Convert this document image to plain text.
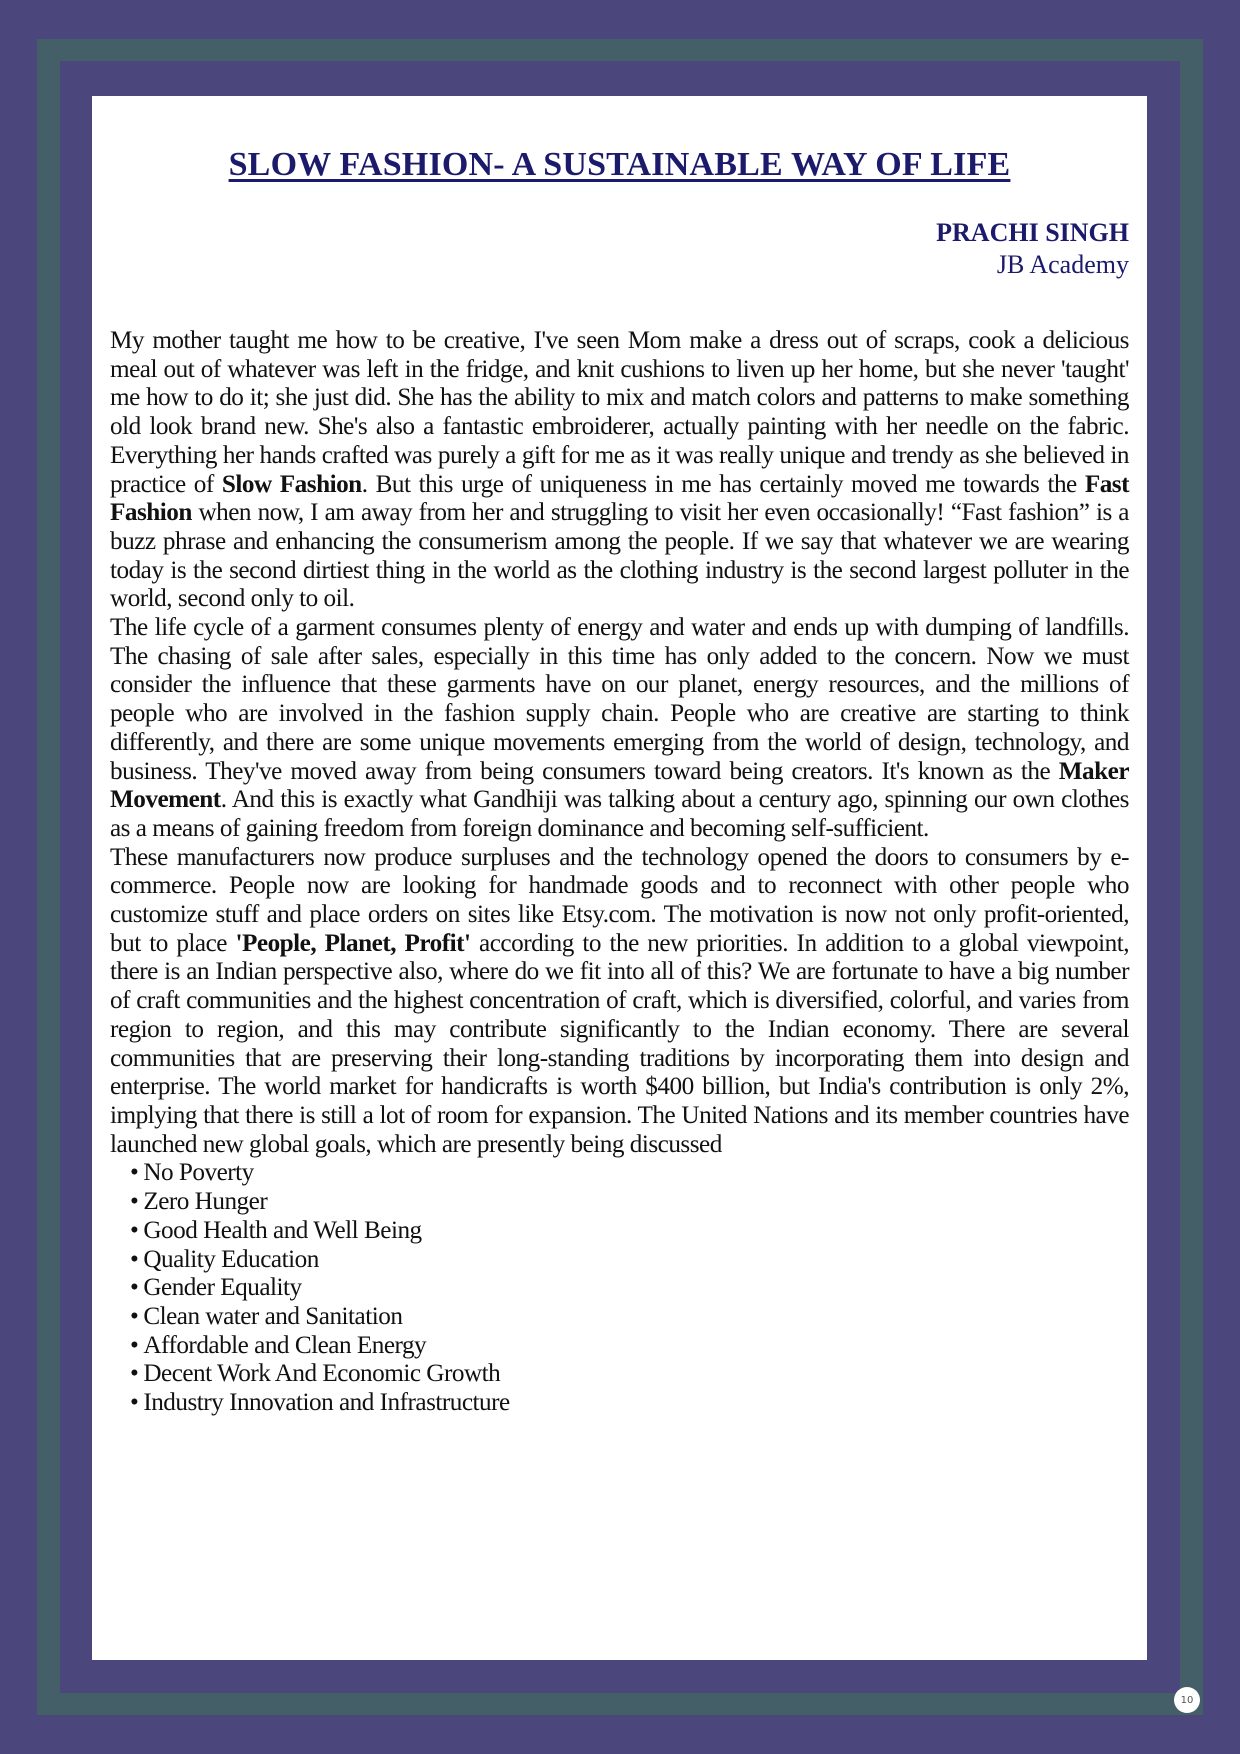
SLOW FASHION- A SUSTAINABLE WAY OF LIFE
PRACHI SINGH
JB Academy

My mother taught me how to be creative, I've seen Mom make a dress out of scraps, cook a delicious meal out of whatever was left in the fridge, and knit cushions to liven up her home, but she never 'taught' me how to do it; she just did. She has the ability to mix and match colors and patterns to make something old look brand new. She's also a fantastic embroiderer, actually painting with her needle on the fabric. Everything her hands crafted was purely a gift for me as it was really unique and trendy as she believed in practice of Slow Fashion. But this urge of uniqueness in me has certainly moved me towards the Fast Fashion when now, I am away from her and struggling to visit her even occasionally! “Fast fashion” is a buzz phrase and enhancing the consumerism among the people. If we say that whatever we are wearing today is the second dirtiest thing in the world as the clothing industry is the second largest polluter in the world, second only to oil.

The life cycle of a garment consumes plenty of energy and water and ends up with dumping of landfills. The chasing of sale after sales, especially in this time has only added to the concern. Now we must consider the influence that these garments have on our planet, energy resources, and the millions of people who are involved in the fashion supply chain. People who are creative are starting to think differently, and there are some unique movements emerging from the world of design, technology, and business. They've moved away from being consumers toward being creators. It's known as the Maker Movement. And this is exactly what Gandhiji was talking about a century ago, spinning our own clothes as a means of gaining freedom from foreign dominance and becoming self-sufficient.

These manufacturers now produce surpluses and the technology opened the doors to consumers by e-commerce. People now are looking for handmade goods and to reconnect with other people who customize stuff and place orders on sites like Etsy.com. The motivation is now not only profit-oriented, but to place 'People, Planet, Profit' according to the new priorities. In addition to a global viewpoint, there is an Indian perspective also, where do we fit into all of this? We are fortunate to have a big number of craft communities and the highest concentration of craft, which is diversified, colorful, and varies from region to region, and this may contribute significantly to the Indian economy. There are several communities that are preserving their long-standing traditions by incorporating them into design and enterprise. The world market for handicrafts is worth $400 billion, but India's contribution is only 2%, implying that there is still a lot of room for expansion. The United Nations and its member countries have launched new global goals, which are presently being discussed

• No Poverty
• Zero Hunger
• Good Health and Well Being
• Quality Education
• Gender Equality
• Clean water and Sanitation
• Affordable and Clean Energy
• Decent Work And Economic Growth
• Industry Innovation and Infrastructure
10
